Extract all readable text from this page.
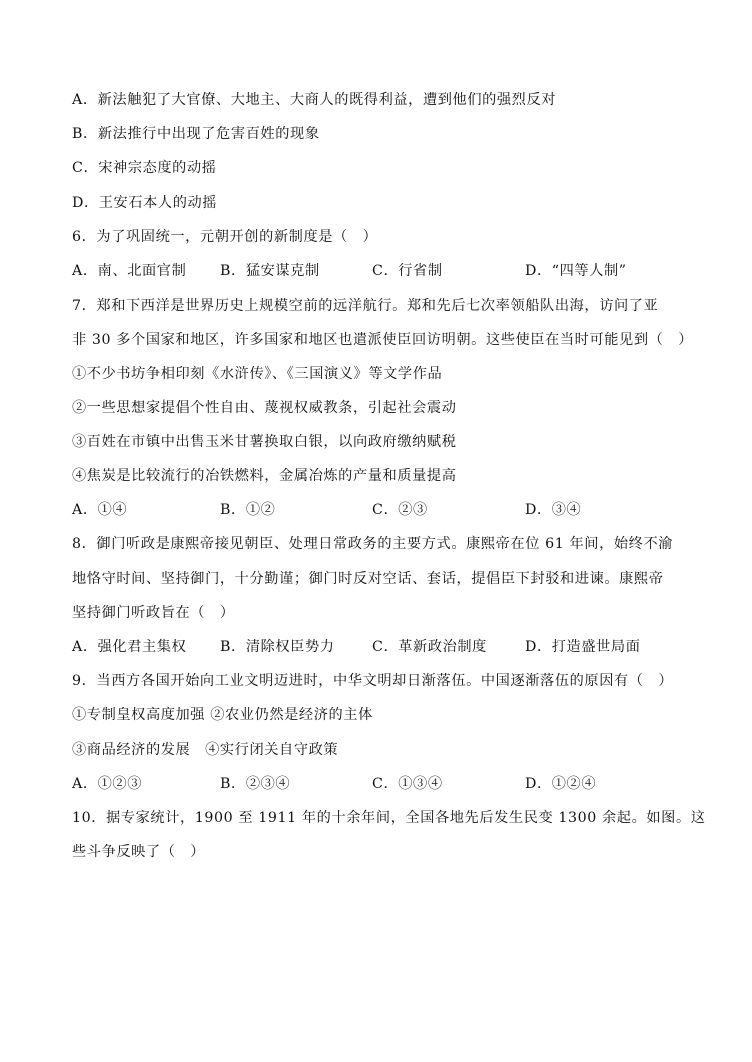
A．新法触犯了大官僚、大地主、大商人的既得利益，遭到他们的强烈反对
B．新法推行中出现了危害百姓的现象
C．宋神宗态度的动摇
D．王安石本人的动摇
6．为了巩固统一，元朝开创的新制度是（　）
A．南、北面官制 B．猛安谋克制	C．行省制	D．“四等人制”
7．郑和下西洋是世界历史上规模空前的远洋航行。郑和先后七次率领船队出海，访问了亚
非 30 多个国家和地区，许多国家和地区也遣派使臣回访明朝。这些使臣在当时可能见到（　）
①不少书坊争相印刻《水浒传》、《三国演义》等文学作品
②一些思想家提倡个性自由、蔑视权威教条，引起社会震动
③百姓在市镇中出售玉米甘薯换取白银，以向政府缴纳赋税
④焦炭是比较流行的冶铁燃料，金属冶炼的产量和质量提高
A．①④	B．①②	C．②③	D．③④
8．御门听政是康熙帝接见朝臣、处理日常政务的主要方式。康熙帝在位 61 年间，始终不渝
地恪守时间、坚持御门，十分勤谨；御门时反对空话、套话，提倡臣下封驳和进谏。康熙帝
坚持御门听政旨在（　）
A．强化君主集权 B．清除权臣势力	C．革新政治制度	D．打造盛世局面
9．当西方各国开始向工业文明迈进时，中华文明却日渐落伍。中国逐渐落伍的原因有（　）
①专制皇权高度加强 ②农业仍然是经济的主体
③商品经济的发展　④实行闭关自守政策
A．①②③	B．②③④	C．①③④	D．①②④
10．据专家统计，1900 至 1911 年的十余年间，全国各地先后发生民变 1300 余起。如图。这
些斗争反映了（　）
